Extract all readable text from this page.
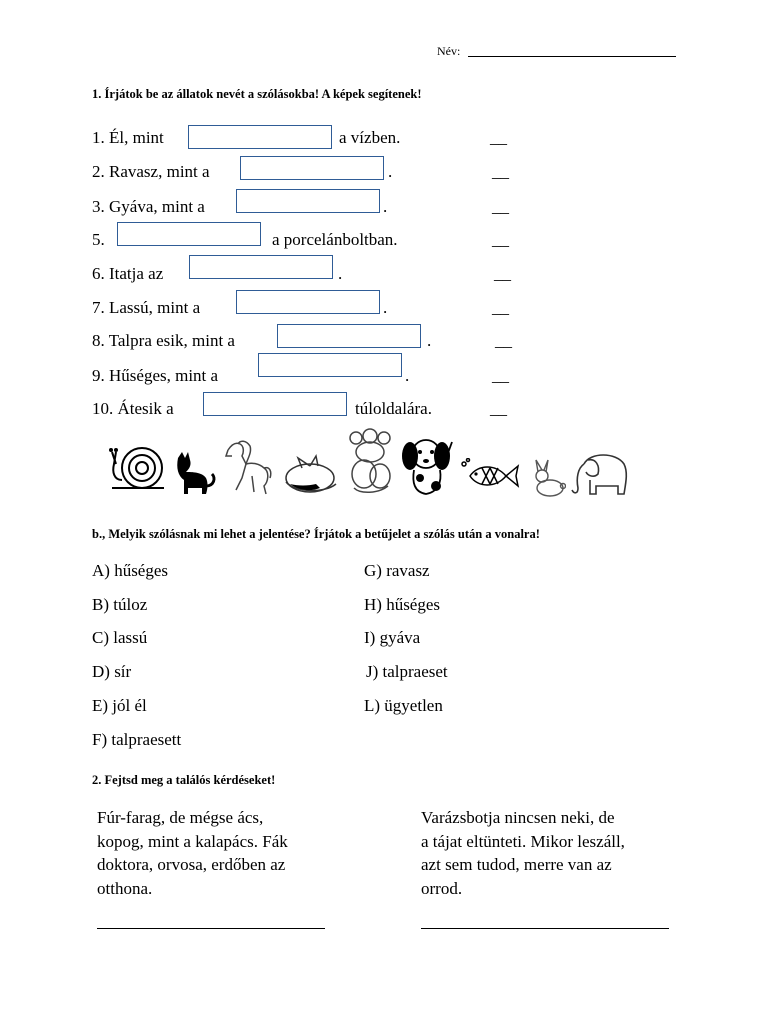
Név:
1. Írjátok be az állatok nevét a szólásokba! A képek segítenek!
1. Él, mint	a vízben.	__
2. Ravasz, mint a	.	__
3. Gyáva, mint a	.	__
5.	a porcelánboltban.	__
6. Itatja az	.	__
7. Lassú, mint a	.	__
8. Talpra esik, mint a	.	__
9. Hűséges, mint a	.	__
10. Átesik a	túloldalára.	__
b., Melyik szólásnak mi lehet a jelentése? Írjátok a betűjelet a szólás után a vonalra!
A) hűséges
B) túloz
C) lassú
D) sír
E) jól él
F) talpraesett
G) ravasz
H) hűséges
I) gyáva
J) talpraeset
L) ügyetlen
2. Fejtsd meg a találós kérdéseket!
Fúr-farag, de mégse ács,
kopog, mint a kalapács. Fák
doktora, orvosa, erdőben az
otthona.
Varázsbotja nincsen neki, de
a tájat eltünteti. Mikor leszáll,
azt sem tudod, merre van az
orrod.
